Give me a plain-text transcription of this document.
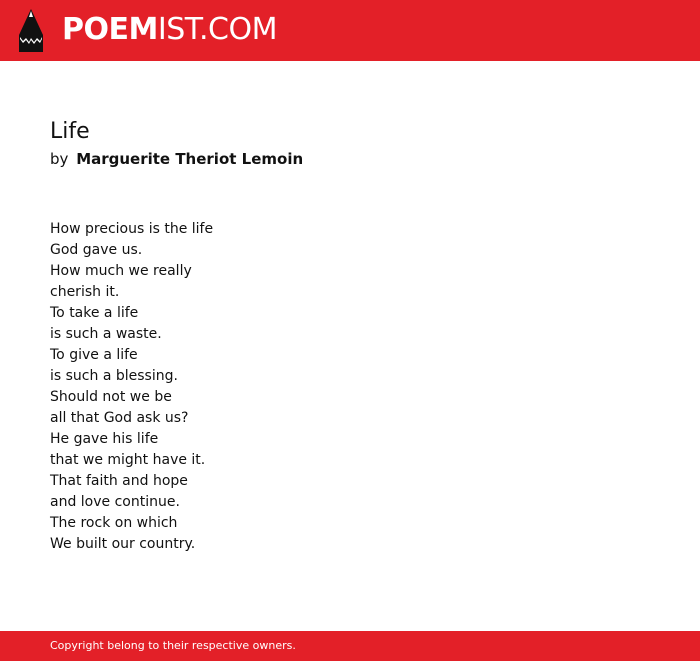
POEMIST.COM
Life
by Marguerite Theriot Lemoin
How precious is the life
God gave us.
How much we really
cherish it.
To take a life
is such a waste.
To give a life
is such a blessing.
Should not we be
all that God ask us?
He gave his life
that we might have it.
That faith and hope
and love continue.
The rock on which
We built our country.
Copyright belong to their respective owners.
